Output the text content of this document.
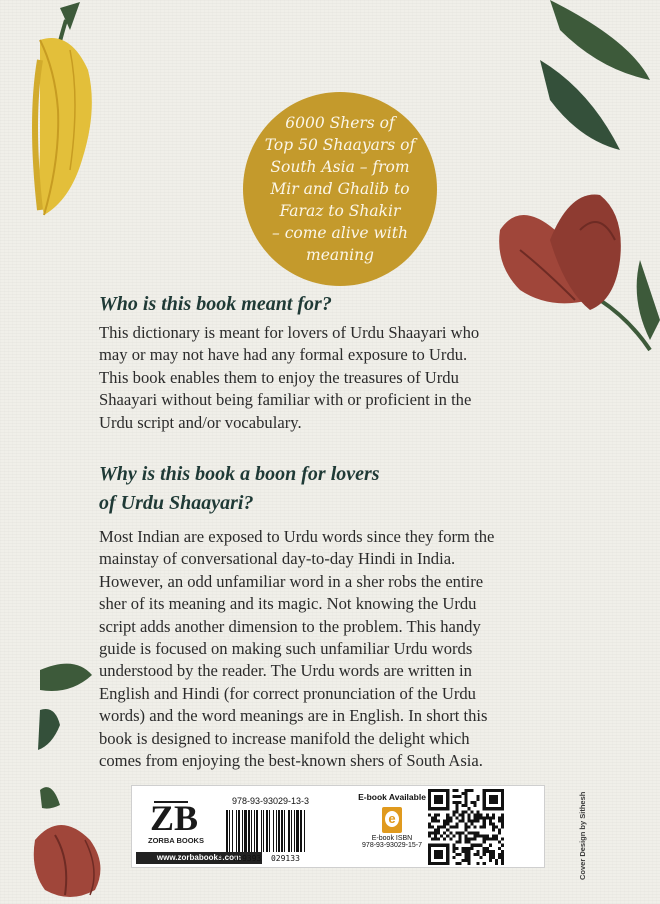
6000 Shers of
Top 50 Shaayars of
South Asia – from
Mir and Ghalib to
Faraz to Shakir
– come alive with
meaning

Who is this book meant for?
This dictionary is meant for lovers of Urdu Shaayari who
may or may not have had any formal exposure to Urdu.
This book enables them to enjoy the treasures of Urdu
Shaayari without being familiar with or proficient in the
Urdu script and/or vocabulary.
Why is this book a boon for lovers
of Urdu Shaayari?
Most Indian are exposed to Urdu words since they form the
mainstay of conversational day-to-day Hindi in India.
However, an odd unfamiliar word in a sher robs the entire
sher of its meaning and its magic. Not knowing the Urdu
script adds another dimension to the problem. This handy
guide is focused on making such unfamiliar Urdu words
understood by the reader. The Urdu words are written in
English and Hindi (for correct pronunciation of the Urdu
words) and the word meanings are in English. In short this
book is designed to increase manifold the delight which
comes from enjoying the best-known shers of South Asia.
ZB
ZORBA BOOKS
www.zorbabooks.com
978-93-93029-13-3
9  789393  029133
E-book Available
e
E-book ISBN
978-93-93029-15-7	Cover Design by Sithesh
